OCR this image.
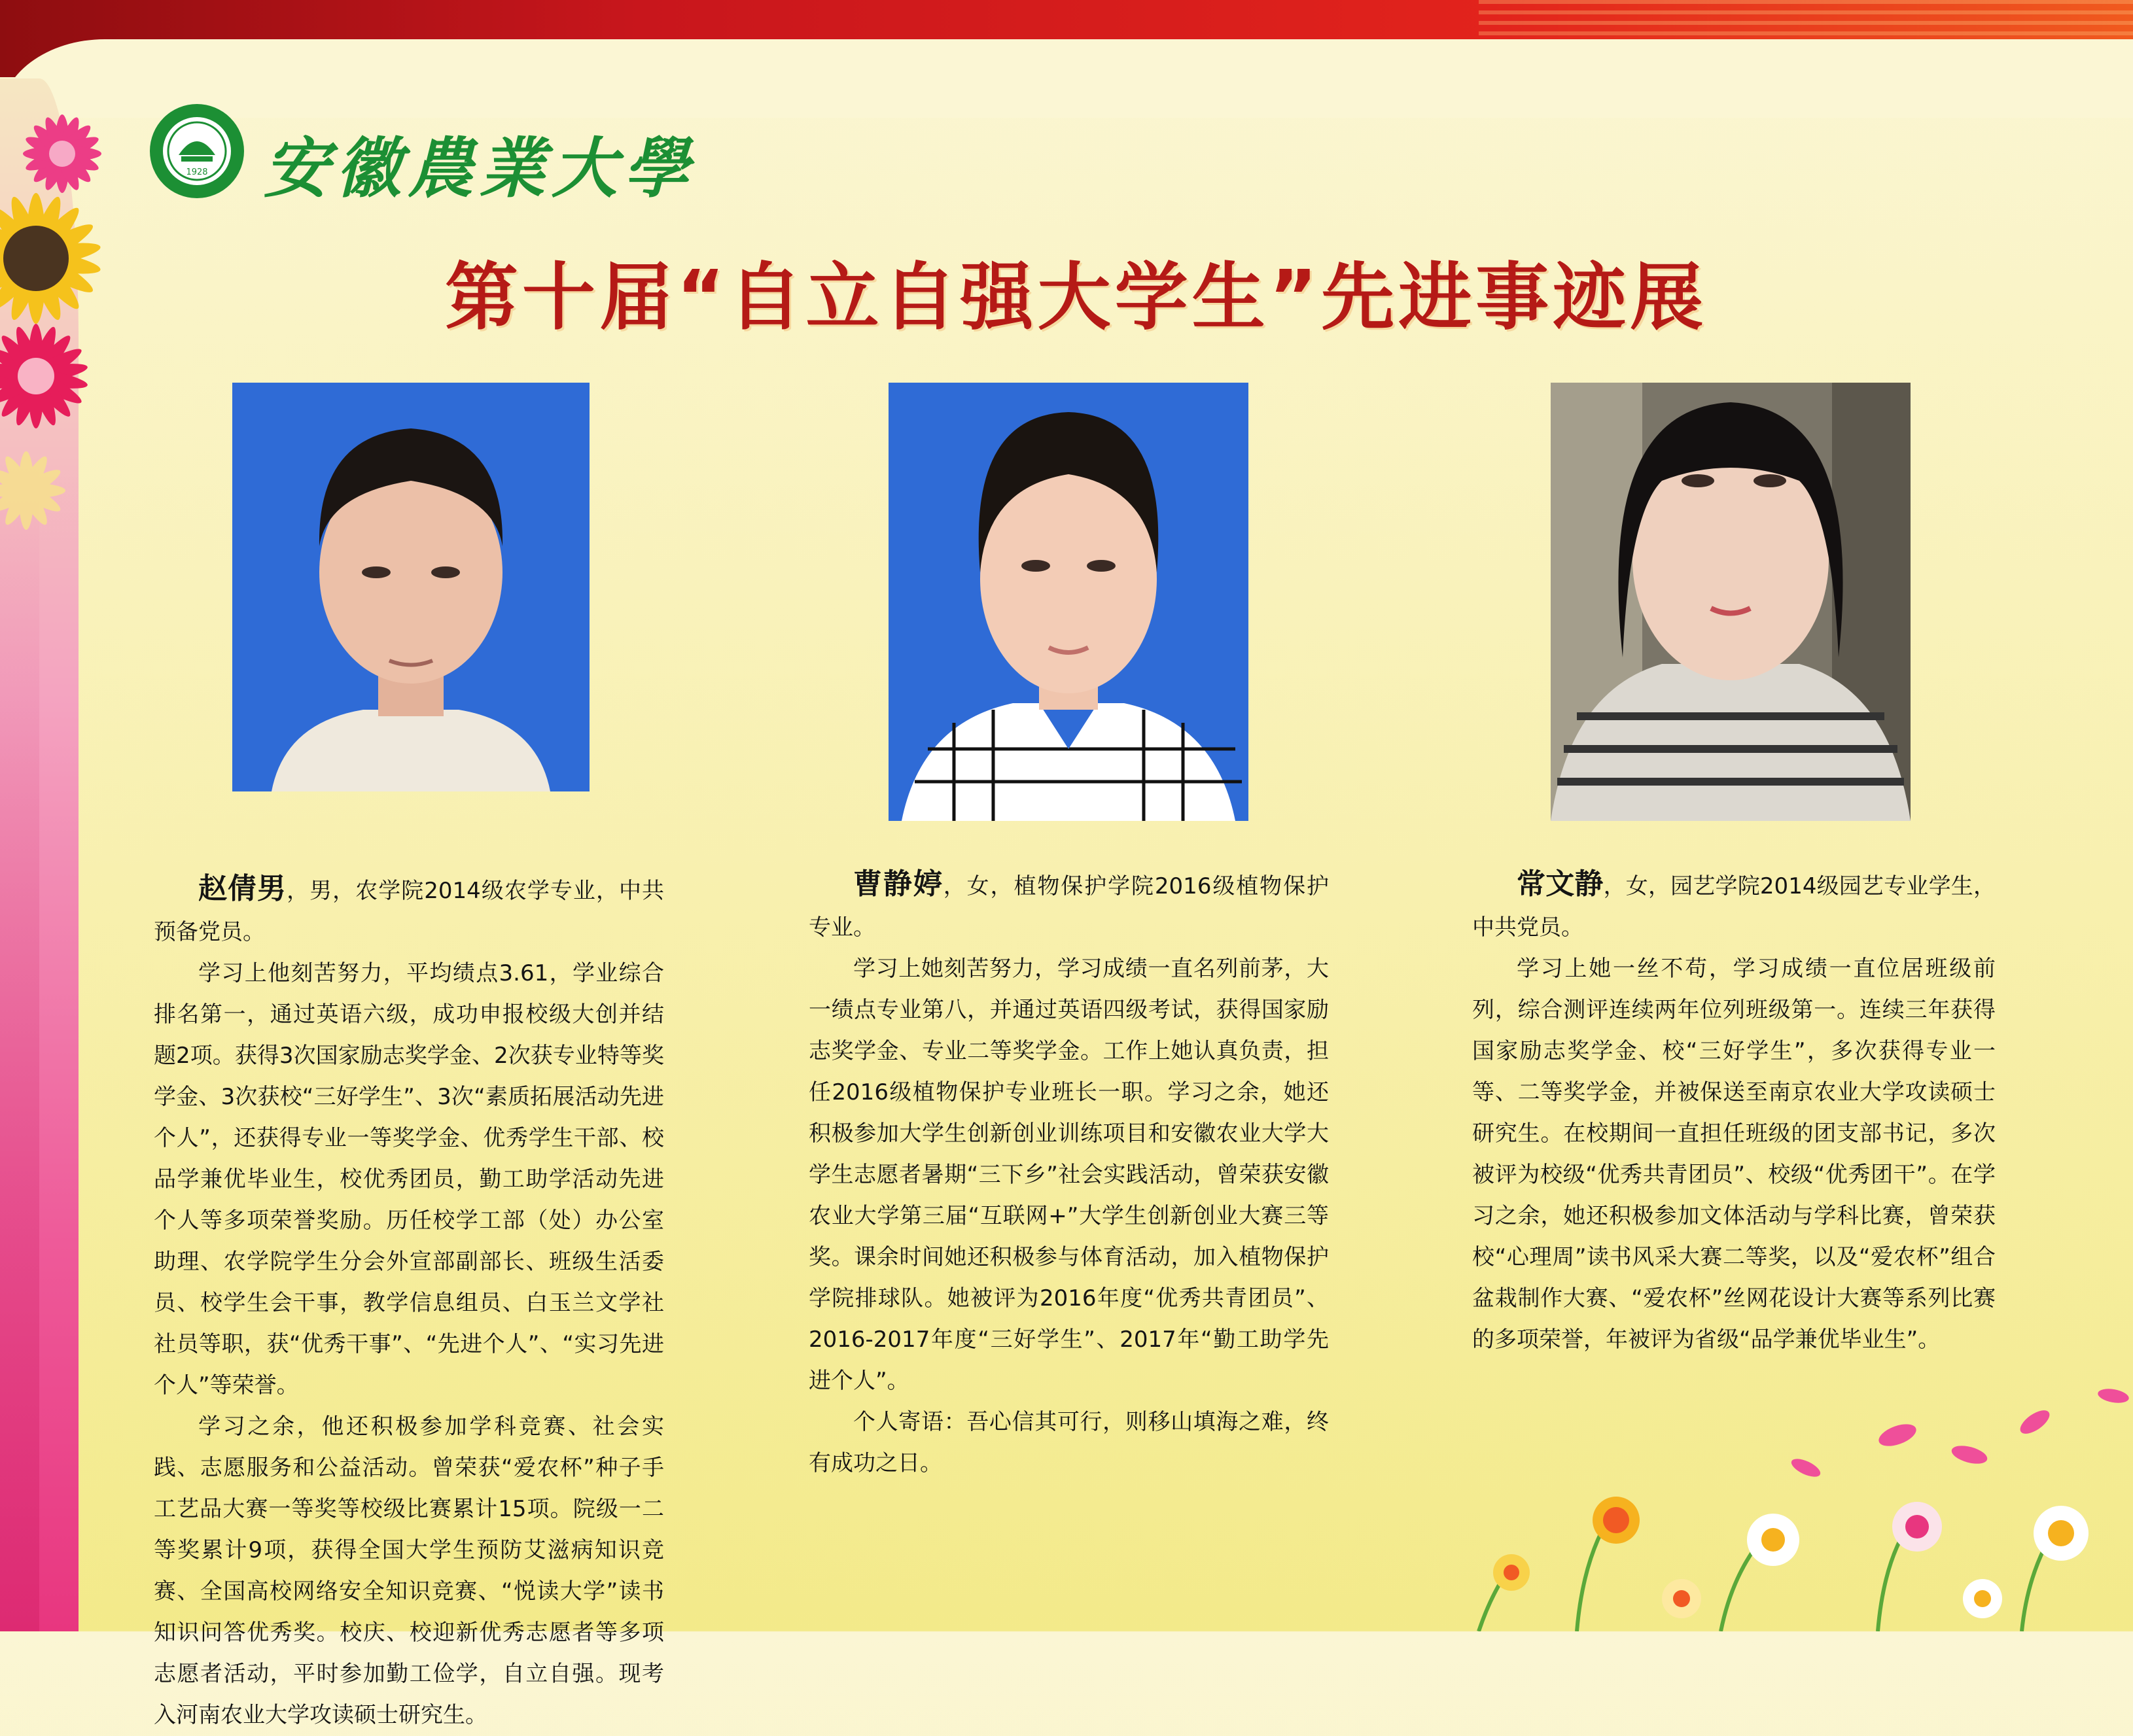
1928 安徽農業大學
第十届“自立自强大学生”先进事迹展

赵倩男，男，农学院2014级农学专业，中共预备党员。

学习上他刻苦努力，平均绩点3.61，学业综合排名第一，通过英语六级，成功申报校级大创并结题2项。获得3次国家励志奖学金、2次获专业特等奖学金、3次获校“三好学生”、3次“素质拓展活动先进个人”，还获得专业一等奖学金、优秀学生干部、校品学兼优毕业生，校优秀团员，勤工助学活动先进个人等多项荣誉奖励。历任校学工部（处）办公室助理、农学院学生分会外宣部副部长、班级生活委员、校学生会干事，教学信息组员、白玉兰文学社社员等职，获“优秀干事”、“先进个人”、“实习先进个人”等荣誉。

学习之余，他还积极参加学科竞赛、社会实践、志愿服务和公益活动。曾荣获“爱农杯”种子手工艺品大赛一等奖等校级比赛累计15项。院级一二等奖累计9项，获得全国大学生预防艾滋病知识竞赛、全国高校网络安全知识竞赛、“悦读大学”读书知识问答优秀奖。校庆、校迎新优秀志愿者等多项志愿者活动，平时参加勤工俭学，自立自强。现考入河南农业大学攻读硕士研究生。

曹静婷，女，植物保护学院2016级植物保护专业。

学习上她刻苦努力，学习成绩一直名列前茅，大一绩点专业第八，并通过英语四级考试，获得国家励志奖学金、专业二等奖学金。工作上她认真负责，担任2016级植物保护专业班长一职。学习之余，她还积极参加大学生创新创业训练项目和安徽农业大学大学生志愿者暑期“三下乡”社会实践活动，曾荣获安徽农业大学第三届“互联网+”大学生创新创业大赛三等奖。课余时间她还积极参与体育活动，加入植物保护学院排球队。她被评为2016年度“优秀共青团员”、2016-2017年度“三好学生”、2017年“勤工助学先进个人”。

个人寄语：吾心信其可行，则移山填海之难，终有成功之日。

常文静，女，园艺学院2014级园艺专业学生，中共党员。

学习上她一丝不苟，学习成绩一直位居班级前列，综合测评连续两年位列班级第一。连续三年获得国家励志奖学金、校“三好学生”，多次获得专业一等、二等奖学金，并被保送至南京农业大学攻读硕士研究生。在校期间一直担任班级的团支部书记，多次被评为校级“优秀共青团员”、校级“优秀团干”。在学习之余，她还积极参加文体活动与学科比赛，曾荣获校“心理周”读书风采大赛二等奖，以及“爱农杯”组合盆栽制作大赛、“爱农杯”丝网花设计大赛等系列比赛的多项荣誉，年被评为省级“品学兼优毕业生”。
